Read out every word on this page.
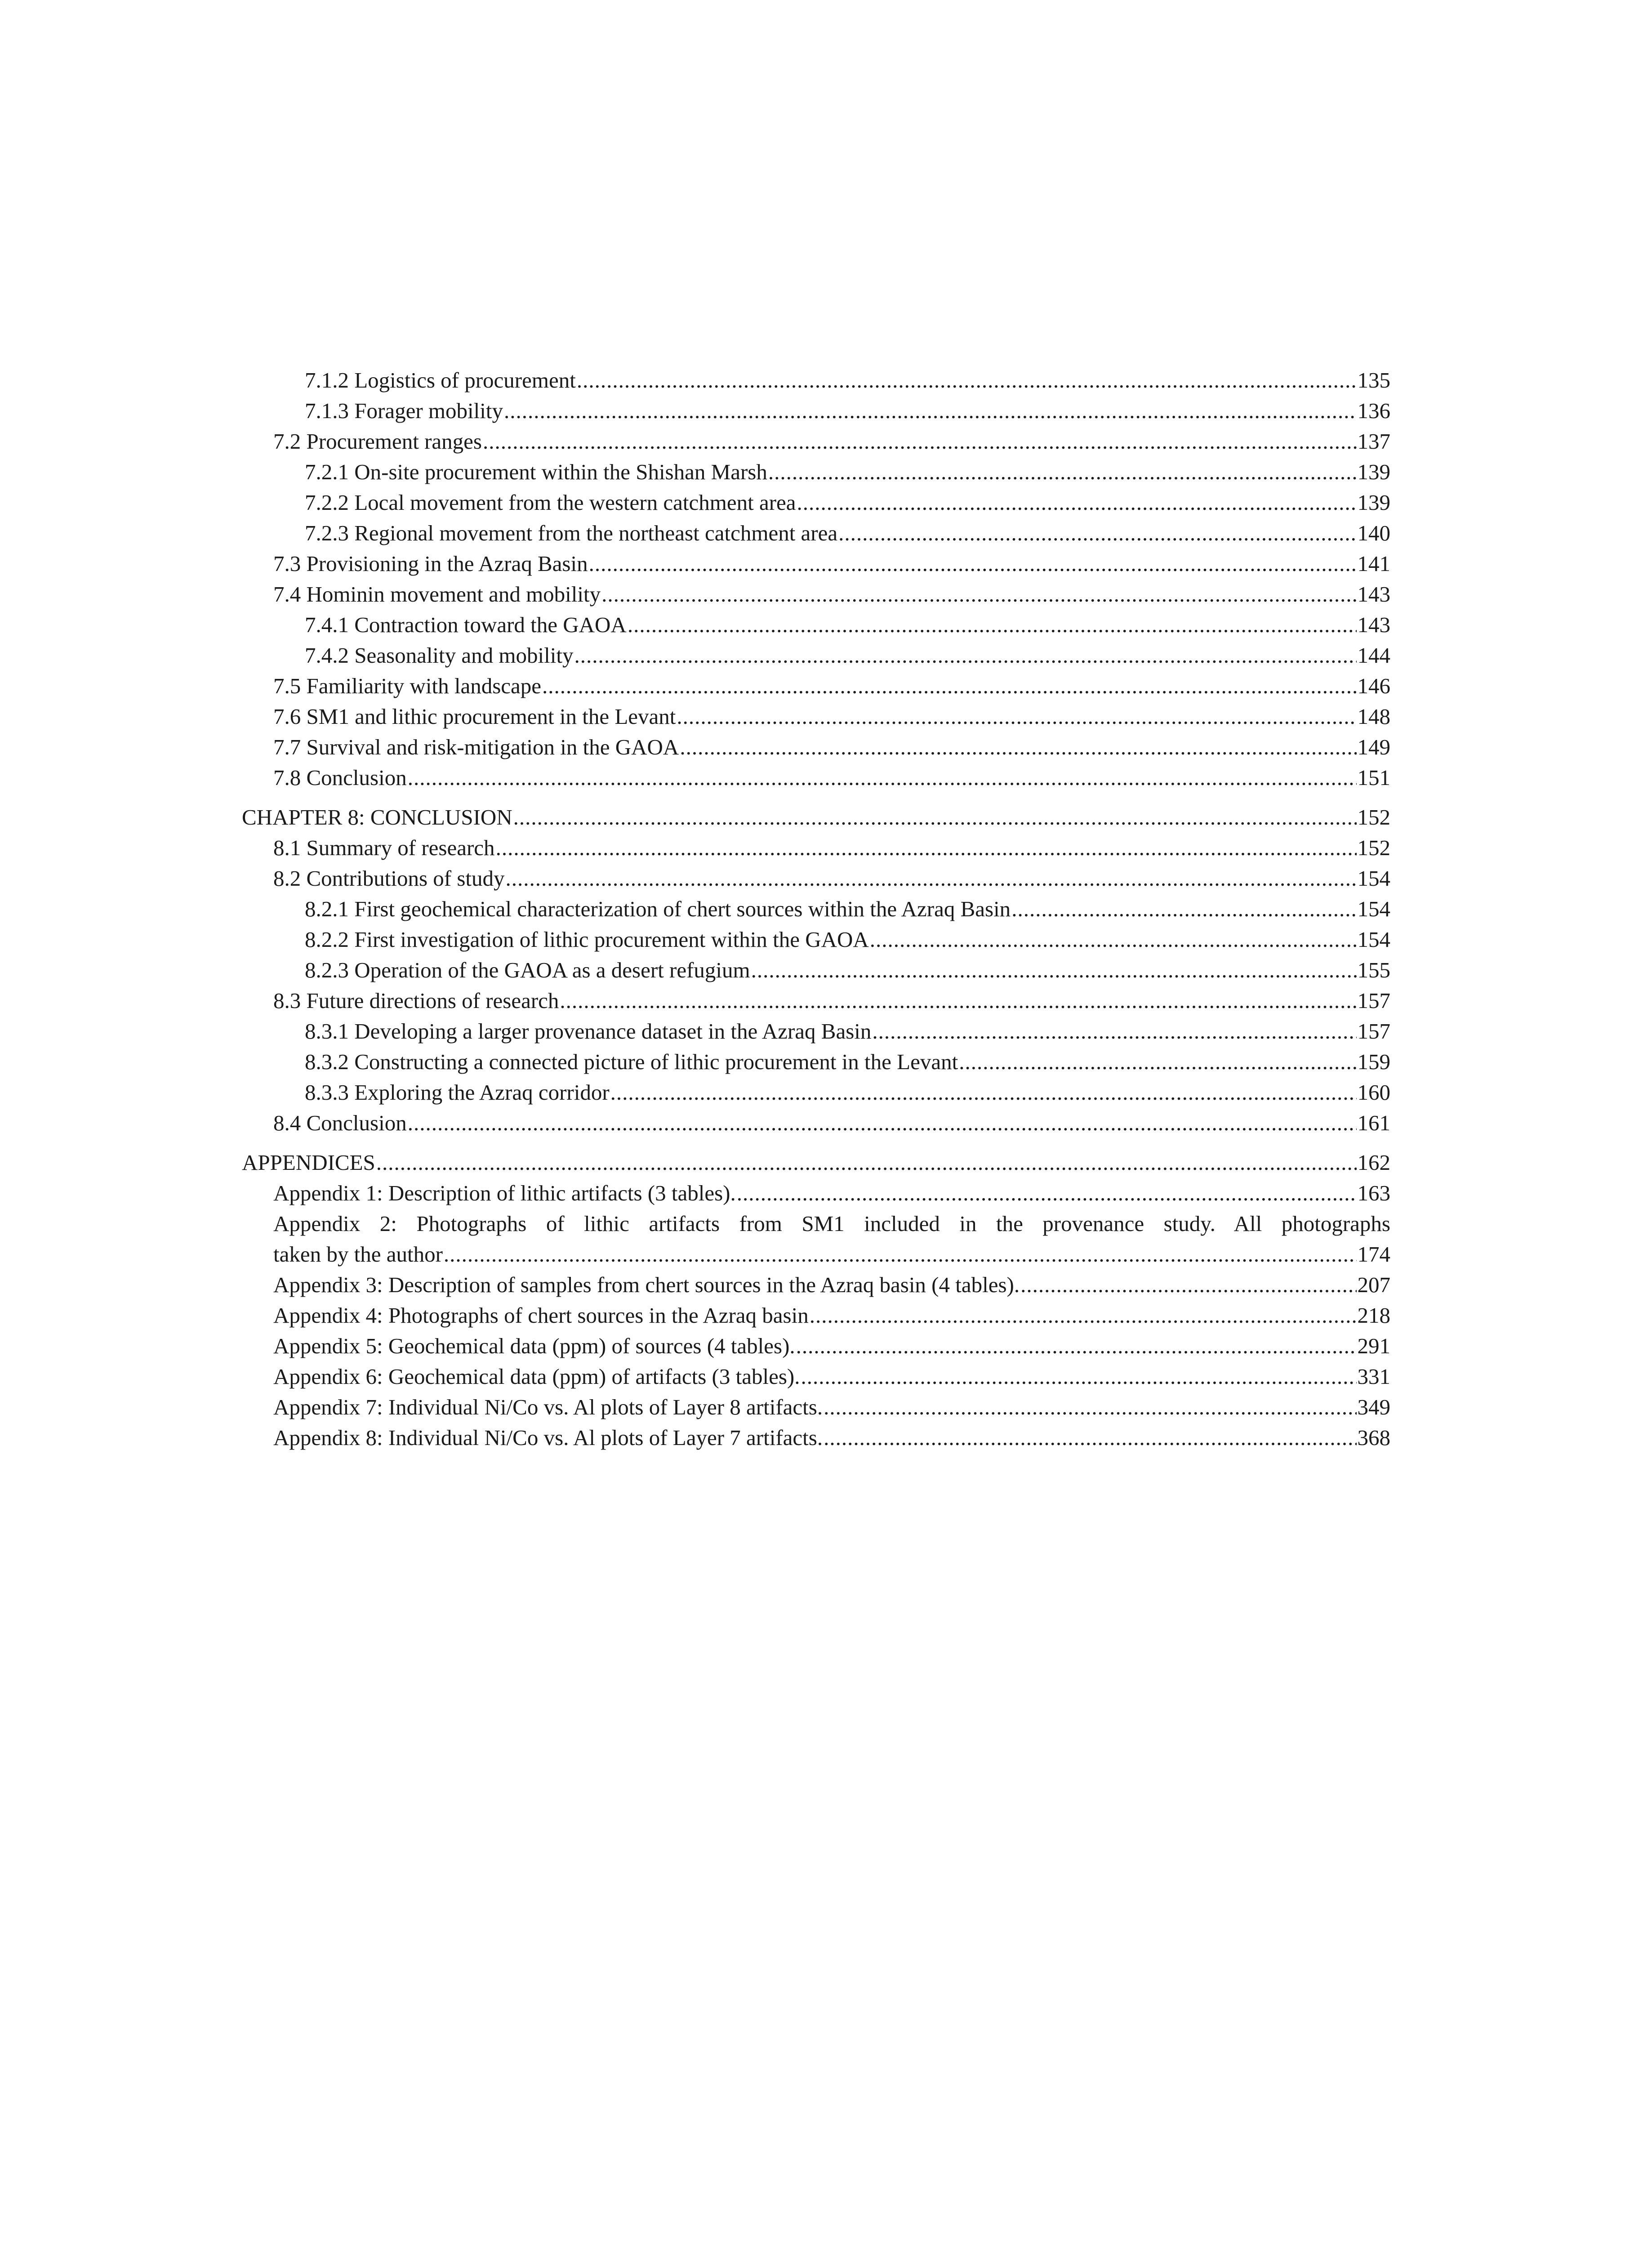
7.1.2 Logistics of procurement .....	135
7.1.3 Forager mobility .....	136
7.2 Procurement ranges .....	137
7.2.1 On-site procurement within the Shishan Marsh .....	139
7.2.2 Local movement from the western catchment area .....	139
7.2.3 Regional movement from the northeast catchment area .....	140
7.3 Provisioning in the Azraq Basin .....	141
7.4 Hominin movement and mobility .....	143
7.4.1 Contraction toward the GAOA .....	143
7.4.2 Seasonality and mobility .....	144
7.5 Familiarity with landscape .....	146
7.6 SM1 and lithic procurement in the Levant .....	148
7.7 Survival and risk-mitigation in the GAOA .....	149
7.8 Conclusion .....	151
CHAPTER 8: CONCLUSION .....	152
8.1 Summary of research .....	152
8.2 Contributions of study .....	154
8.2.1 First geochemical characterization of chert sources within the Azraq Basin .....	154
8.2.2 First investigation of lithic procurement within the GAOA .....	154
8.2.3 Operation of the GAOA as a desert refugium .....	155
8.3 Future directions of research .....	157
8.3.1 Developing a larger provenance dataset in the Azraq Basin .....	157
8.3.2 Constructing a connected picture of lithic procurement in the Levant .....	159
8.3.3 Exploring the Azraq corridor .....	160
8.4 Conclusion .....	161
APPENDICES .....	162
Appendix 1: Description of lithic artifacts (3 tables). .....	163
Appendix 2: Photographs of lithic artifacts from SM1 included in the provenance study. All photographs
taken by the author .....	174
Appendix 3: Description of samples from chert sources in the Azraq basin (4 tables). .....	207
Appendix 4: Photographs of chert sources in the Azraq basin .....	218
Appendix 5: Geochemical data (ppm) of sources (4 tables). .....	291
Appendix 6: Geochemical data (ppm) of artifacts (3 tables). .....	331
Appendix 7: Individual Ni/Co vs. Al plots of Layer 8 artifacts. .....	349
Appendix 8: Individual Ni/Co vs. Al plots of Layer 7 artifacts. .....	368
